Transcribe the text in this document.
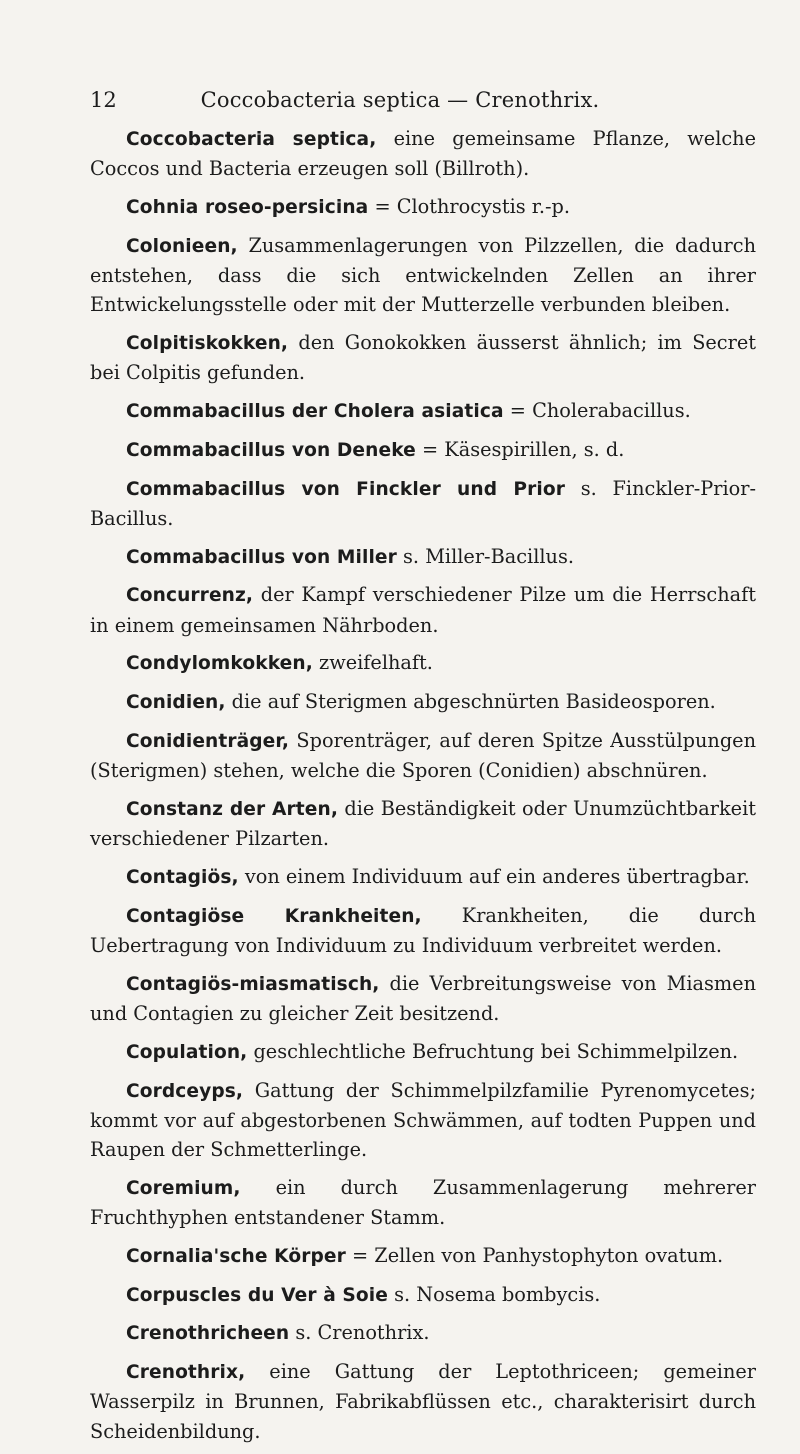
12	Coccobacteria septica — Crenothrix.

Coccobacteria septica, eine gemeinsame Pflanze, welche Coccos und Bacteria erzeugen soll (Billroth).

Cohnia roseo-persicina = Clothrocystis r.-p.

Colonieen, Zusammenlagerungen von Pilzzellen, die dadurch entstehen, dass die sich entwickelnden Zellen an ihrer Entwickelungsstelle oder mit der Mutterzelle verbunden bleiben.

Colpitiskokken, den Gonokokken äusserst ähnlich; im Secret bei Colpitis gefunden.

Commabacillus der Cholera asiatica = Cholerabacillus.

Commabacillus von Deneke = Käsespirillen, s. d.

Commabacillus von Finckler und Prior s. Finckler-Prior-Bacillus.

Commabacillus von Miller s. Miller-Bacillus.

Concurrenz, der Kampf verschiedener Pilze um die Herrschaft in einem gemeinsamen Nährboden.

Condylomkokken, zweifelhaft.

Conidien, die auf Sterigmen abgeschnürten Basideosporen.

Conidienträger, Sporenträger, auf deren Spitze Ausstülpungen (Sterigmen) stehen, welche die Sporen (Conidien) abschnüren.

Constanz der Arten, die Beständigkeit oder Unumzüchtbarkeit verschiedener Pilzarten.

Contagiös, von einem Individuum auf ein anderes übertragbar.

Contagiöse Krankheiten, Krankheiten, die durch Uebertragung von Individuum zu Individuum verbreitet werden.

Contagiös-miasmatisch, die Verbreitungsweise von Miasmen und Contagien zu gleicher Zeit besitzend.

Copulation, geschlechtliche Befruchtung bei Schimmelpilzen.

Cordceyps, Gattung der Schimmelpilzfamilie Pyrenomycetes; kommt vor auf abgestorbenen Schwämmen, auf todten Puppen und Raupen der Schmetterlinge.

Coremium, ein durch Zusammenlagerung mehrerer Fruchthyphen entstandener Stamm.

Cornalia'sche Körper = Zellen von Panhystophyton ovatum.

Corpuscles du Ver à Soie s. Nosema bombycis.

Crenothricheen s. Crenothrix.

Crenothrix, eine Gattung der Leptothriceen; gemeiner Wasserpilz in Brunnen, Fabrikabflüssen etc., charakterisirt durch Scheidenbildung.
